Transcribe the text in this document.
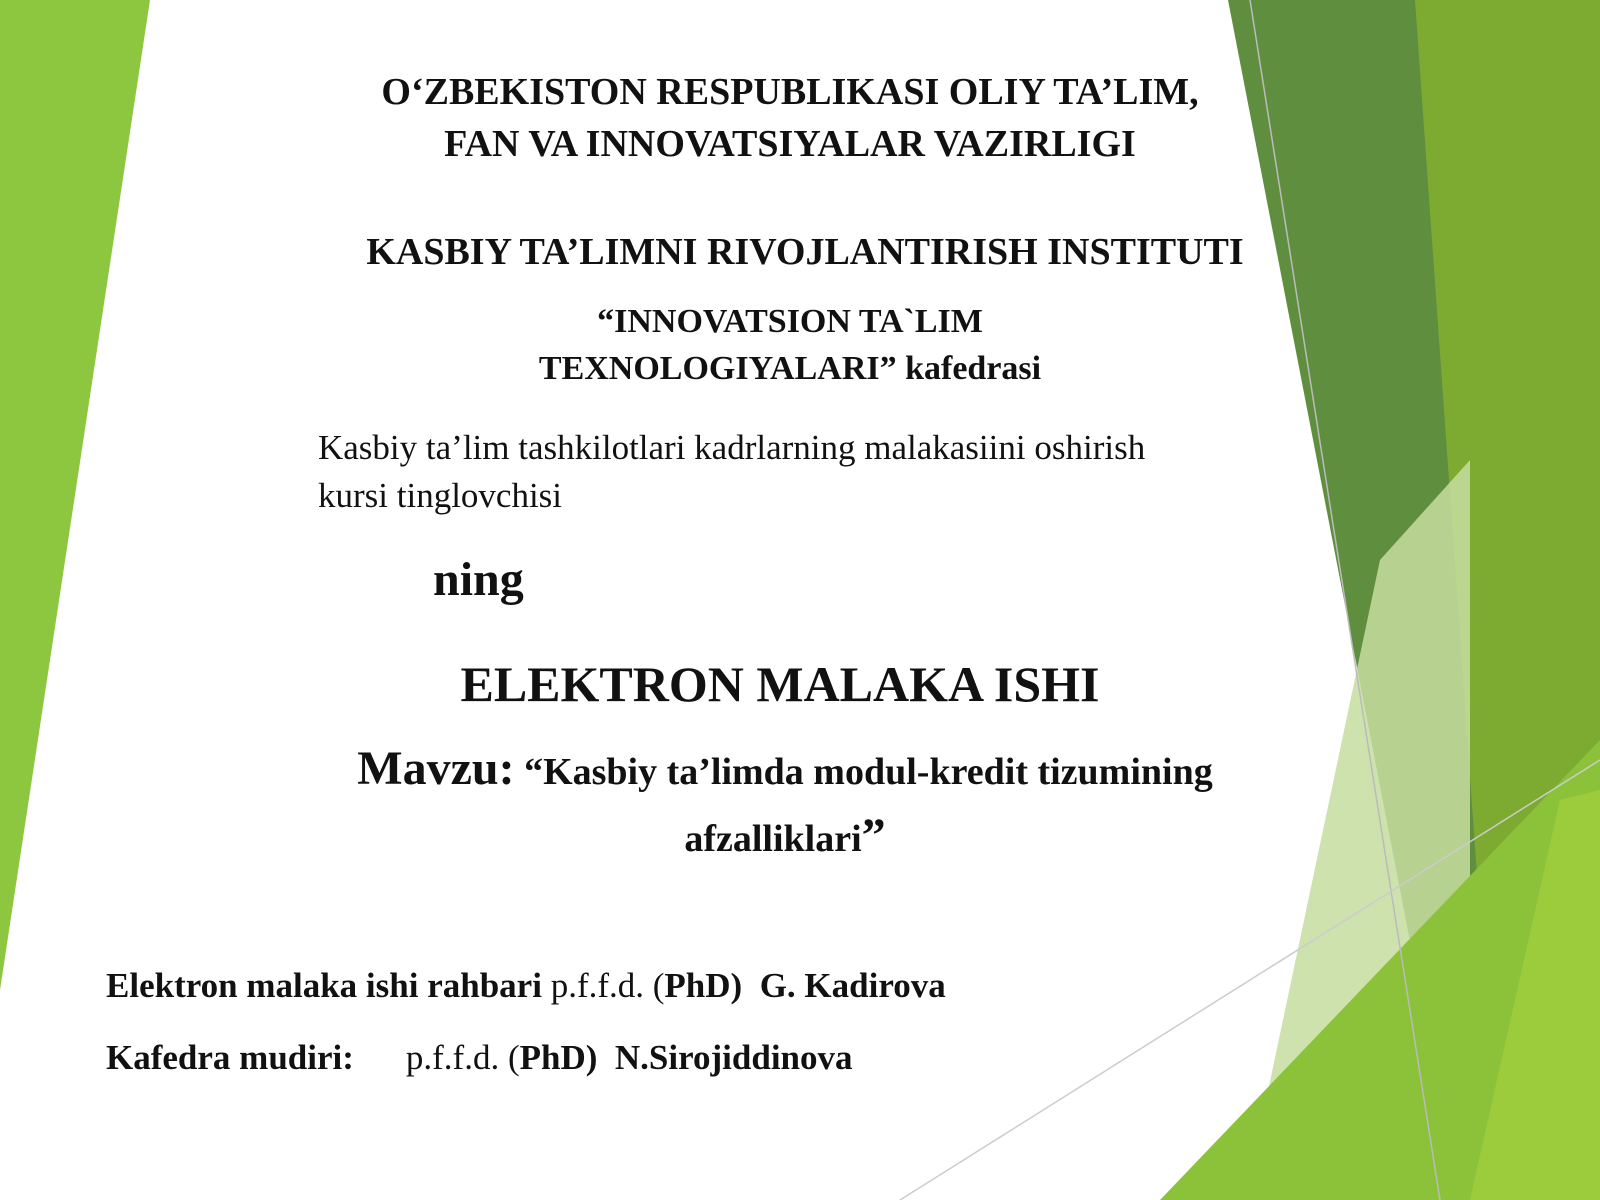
O‘ZBEKISTON RESPUBLIKASI OLIY TA’LIM,
FAN VA INNOVATSIYALAR VAZIRLIGI
KASBIY TA’LIMNI RIVOJLANTIRISH INSTITUTI
“INNOVATSION TA`LIM
TEXNOLOGIYALARI” kafedrasi
Kasbiy ta’lim tashkilotlari kadrlarning malakasiini oshirish
kursi tinglovchisi
ning
ELEKTRON MALAKA ISHI
Mavzu: “Kasbiy ta’limda modul-kredit tizumining
afzalliklari”
Elektron malaka ishi rahbari p.f.f.d. (PhD) G. Kadirova
Kafedra mudiri: p.f.f.d. (PhD) N.Sirojiddinova
